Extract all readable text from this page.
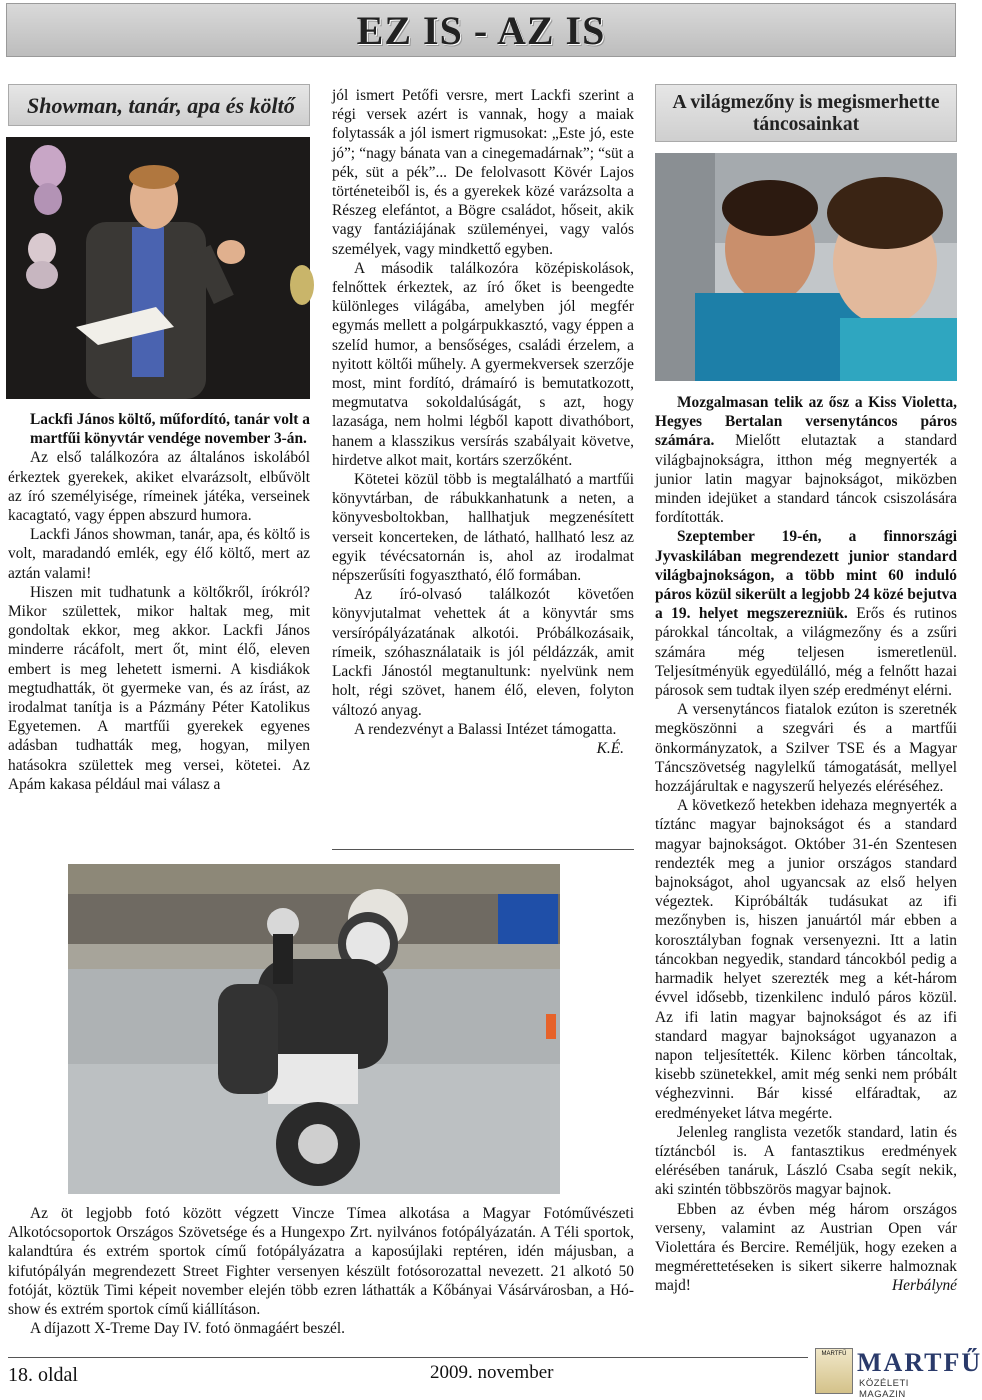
EZ IS - AZ IS
Showman, tanár, apa és költő

Lackfi János költő, műfordító, tanár volt a martfűi könyvtár vendége november 3-án.

Az első találkozóra az általános iskolából érkeztek gyerekek, akiket elvarázsolt, elbűvölt az író személyisége, rímeinek játéka, verseinek kacagtató, vagy éppen abszurd humora.

Lackfi János showman, tanár, apa, és költő is volt, maradandó emlék, egy élő költő, mert az aztán valami!

Hiszen mit tudhatunk a költőkről, írókról? Mikor születtek, mikor haltak meg, mit gondoltak ekkor, meg akkor. Lackfi János minderre rácáfolt, mert őt, mint élő, eleven embert is meg lehetett ismerni. A kisdiákok megtudhatták, öt gyermeke van, és az írást, az irodalmat tanítja is a Pázmány Péter Katolikus Egyetemen. A martfűi gyerekek egyenes adásban tudhatták meg, hogyan, milyen hatásokra születtek meg versei, kötetei. Az Apám kakasa például mai válasz a

jól ismert Petőfi versre, mert Lackfi szerint a régi versek azért is vannak, hogy a maiak folytassák a jól ismert rigmusokat: „Este jó, este jó”; “nagy bánata van a cinegemadárnak”; “süt a pék, süt a pék”... De felolvasott Kövér Lajos történeteiből is, és a gyerekek közé varázsolta a Részeg elefántot, a Bögre családot, hőseit, akik vagy fantáziájának szüleményei, vagy valós személyek, vagy mindkettő egyben.

A második találkozóra középiskolások, felnőttek érkeztek, az író őket is beengedte különleges világába, amelyben jól megfér egymás mellett a polgárpukkasztó, vagy éppen a szelíd humor, a bensőséges, családi érzelem, a nyitott költői műhely. A gyermekversek szerzője most, mint fordító, drámaíró is bemutatkozott, megmutatva sokoldalúságát, s azt, hogy lazasága, nem holmi légből kapott divathóbort, hanem a klasszikus versírás szabályait követve, hirdetve alkot mait, kortárs szerzőként.

Kötetei közül több is megtalálható a martfűi könyvtárban, de rábukkanhatunk a neten, a könyvesboltokban, hallhatjuk megzenésített verseit koncerteken, de látható, hallható lesz az egyik tévécsatornán is, ahol az irodalmat népszerűsíti fogyasztható, élő formában.

Az író-olvasó találkozót követően könyvjutalmat vehettek át a könyvtár sms versírópályázatának alkotói. Próbálkozásaik, rímeik, szóhasználataik is jól példázzák, amit Lackfi Jánostól megtanultunk: nyelvünk nem holt, régi szövet, hanem élő, eleven, folyton változó anyag.

A rendezvényt a Balassi Intézet támogatta.
K.É.

Az öt legjobb fotó között végzett Vincze Tímea alkotása a Magyar Fotóművészeti Alkotócsoportok Országos Szövetsége és a Hungexpo Zrt. nyilvános fotópályázatán. A Téli sportok, kalandtúra és extrém sportok című fotópályázatra a kaposújlaki reptéren, idén májusban, a kifutópályán megrendezett Street Fighter versenyen készült fotósorozattal nevezett. 21 alkotó 50 fotóját, köztük Timi képeit november elején több ezren láthatták a Kőbányai Vásárvárosban, a Hó-show és extrém sportok című kiállításon.

A díjazott X-Treme Day IV. fotó önmagáért beszél.

A világmezőny is megismerhette táncosainkat

Mozgalmasan telik az ősz a Kiss Violetta, Hegyes Bertalan versenytáncos páros számára. Mielőtt elutaztak a standard világbajnokságra, itthon még megnyerték a junior latin magyar bajnokságot, miközben minden idejüket a standard táncok csiszolására fordították.

Szeptember 19-én, a finnországi Jyvaskilában megrendezett junior standard világbajnokságon, a több mint 60 induló páros közül sikerült a legjobb 24 közé bejutva a 19. helyet megszerezniük. Erős és rutinos párokkal táncoltak, a világmezőny és a zsűri számára még teljesen ismeretlenül. Teljesítményük egyedülálló, még a felnőtt hazai párosok sem tudtak ilyen szép eredményt elérni.

A versenytáncos fiatalok ezúton is szeretnék megköszönni a szegvári és a martfűi önkormányzatok, a Szilver TSE és a Magyar Táncszövetség nagylelkű támogatását, mellyel hozzájárultak e nagyszerű helyezés eléréséhez.

A következő hetekben idehaza megnyerték a tíztánc magyar bajnokságot és a standard magyar bajnokságot. Október 31-én Szentesen rendezték meg a junior országos standard bajnokságot, ahol ugyancsak az első helyen végeztek. Kipróbálták tudásukat az ifi mezőnyben is, hiszen januártól már ebben a korosztályban fognak versenyezni. Itt a latin táncokban negyedik, standard táncokból pedig a harmadik helyet szerezték meg a két-három évvel idősebb, tizenkilenc induló páros közül. Az ifi latin magyar bajnokságot és az ifi standard magyar bajnokságot ugyanazon a napon teljesítették. Kilenc körben táncoltak, kisebb szünetekkel, amit még senki nem próbált véghezvinni. Bár kissé elfáradtak, az eredményeket látva megérte.

Jelenleg ranglista vezetők standard, latin és tíztáncból is. A fantasztikus eredmények elérésében tanáruk, László Csaba segít nekik, aki szintén többszörös magyar bajnok.

Ebben az évben még három országos verseny, valamint az Austrian Open vár Violettára és Bercire. Reméljük, hogy ezeken a megmérettetéseken is sikert sikerre halmoznak majd!	Herbályné

18. oldal	2009. november
MARTFŰ MARTFŰ
KÖZÉLETI MAGAZIN
